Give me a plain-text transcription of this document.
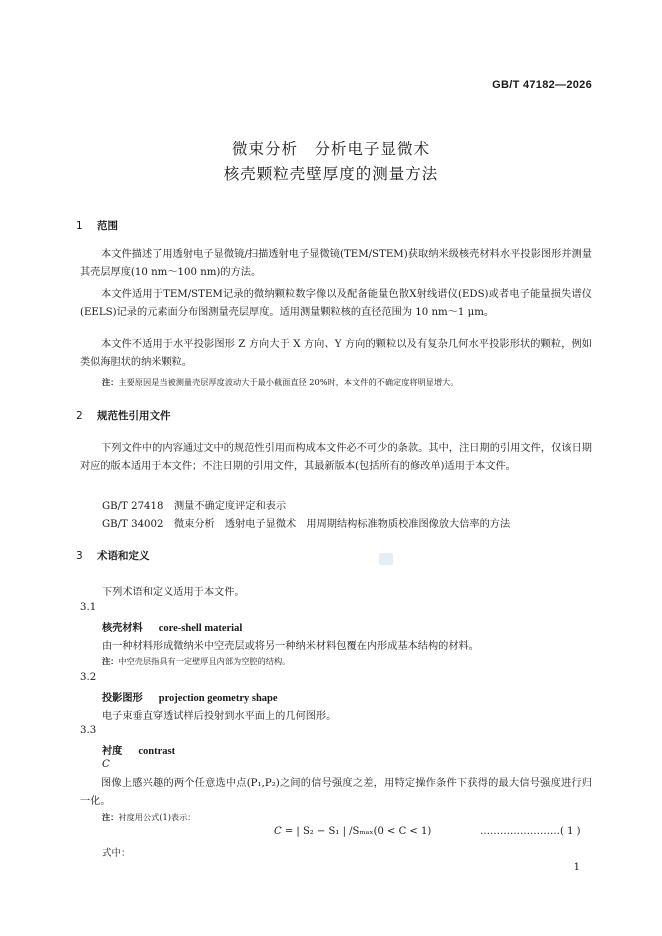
GB/T 47182—2026
微束分析　分析电子显微术
核壳颗粒壳壁厚度的测量方法
1 范围

本文件描述了用透射电子显微镜/扫描透射电子显微镜(TEM/STEM)获取纳米级核壳材料水平投影图形并测量其壳层厚度(10 nm～100 nm)的方法。

本文件适用于TEM/STEM记录的微纳颗粒数字像以及配备能量色散X射线谱仪(EDS)或者电子能量损失谱仪(EELS)记录的元素面分布图测量壳层厚度。适用测量颗粒核的直径范围为 10 nm～1 μm。

本文件不适用于水平投影图形 Z 方向大于 X 方向、Y 方向的颗粒以及有复杂几何水平投影形状的颗粒，例如类似海胆状的纳米颗粒。

注：主要原因是当被测量壳层厚度波动大于最小截面直径 20%时，本文件的不确定度将明显增大。
2 规范性引用文件

下列文件中的内容通过文中的规范性引用而构成本文件必不可少的条款。其中，注日期的引用文件，仅该日期对应的版本适用于本文件；不注日期的引用文件，其最新版本(包括所有的修改单)适用于本文件。

GB/T 27418 测量不确定度评定和表示
GB/T 34002 微束分析　透射电子显微术　用周期结构标准物质校准图像放大倍率的方法
3 术语和定义
下列术语和定义适用于本文件。
3.1
核壳材料 core-shell material
由一种材料形成微纳米中空壳层或将另一种纳米材料包覆在内形成基本结构的材料。
注：中空壳层指具有一定壁厚且内部为空腔的结构。
3.2
投影图形 projection geometry shape
电子束垂直穿透试样后投射到水平面上的几何图形。
3.3
衬度 contrast
C

图像上感兴趣的两个任意选中点(P₁,P₂)之间的信号强度之差，用特定操作条件下获得的最大信号强度进行归一化。

注：衬度用公式(1)表示：
C = | S₂ − S₁ | /Sₘₐₓ(0 < C < 1)	……………………( 1 )
式中：
1
